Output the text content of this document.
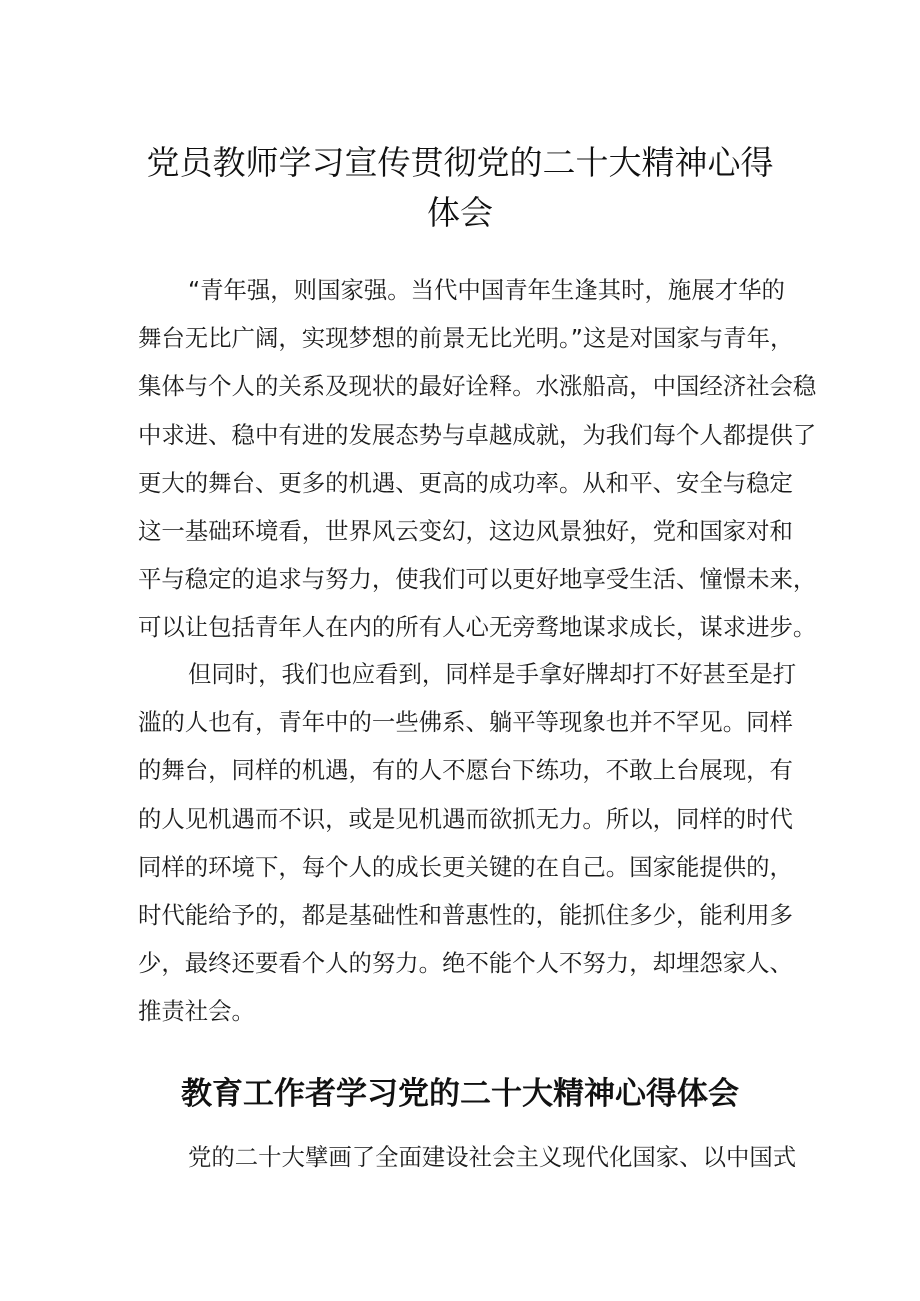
党员教师学习宣传贯彻党的二十大精神心得
体会
“青年强，则国家强。当代中国青年生逢其时，施展才华的
舞台无比广阔，实现梦想的前景无比光明。”这是对国家与青年，
集体与个人的关系及现状的最好诠释。水涨船高，中国经济社会稳
中求进、稳中有进的发展态势与卓越成就，为我们每个人都提供了
更大的舞台、更多的机遇、更高的成功率。从和平、安全与稳定
这一基础环境看，世界风云变幻，这边风景独好，党和国家对和
平与稳定的追求与努力，使我们可以更好地享受生活、憧憬未来，
可以让包括青年人在内的所有人心无旁骛地谋求成长，谋求进步。
但同时，我们也应看到，同样是手拿好牌却打不好甚至是打
滥的人也有，青年中的一些佛系、躺平等现象也并不罕见。同样
的舞台，同样的机遇，有的人不愿台下练功，不敢上台展现，有
的人见机遇而不识，或是见机遇而欲抓无力。所以，同样的时代
同样的环境下，每个人的成长更关键的在自己。国家能提供的，
时代能给予的，都是基础性和普惠性的，能抓住多少，能利用多
少，最终还要看个人的努力。绝不能个人不努力，却埋怨家人、
推责社会。
教育工作者学习党的二十大精神心得体会
党的二十大擘画了全面建设社会主义现代化国家、以中国式
